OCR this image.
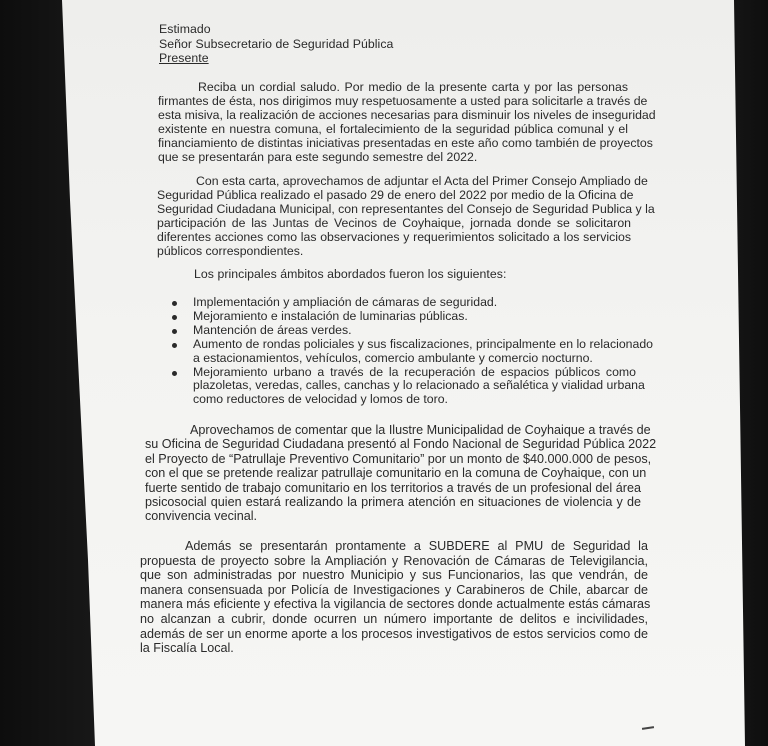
Estimado
Señor Subsecretario de Seguridad Pública
Presente
Reciba un cordial saludo. Por medio de la presente carta y por las personas
firmantes de ésta, nos dirigimos muy respetuosamente a usted para solicitarle a través de
esta misiva, la realización de acciones necesarias para disminuir los niveles de inseguridad
existente en nuestra comuna, el fortalecimiento de la seguridad pública comunal y el
financiamiento de distintas iniciativas presentadas en este año como también de proyectos
que se presentarán para este segundo semestre del 2022.
Con esta carta, aprovechamos de adjuntar el Acta del Primer Consejo Ampliado de
Seguridad Pública realizado el pasado 29 de enero del 2022 por medio de la Oficina de
Seguridad Ciudadana Municipal, con representantes del Consejo de Seguridad Publica y la
participación de las Juntas de Vecinos de Coyhaique, jornada donde se solicitaron
diferentes acciones como las observaciones y requerimientos solicitado a los servicios
públicos correspondientes.
Los principales ámbitos abordados fueron los siguientes:
Implementación y ampliación de cámaras de seguridad.
Mejoramiento e instalación de luminarias públicas.
Mantención de áreas verdes.
Aumento de rondas policiales y sus fiscalizaciones, principalmente en lo relacionado
a estacionamientos, vehículos, comercio ambulante y comercio nocturno.
Mejoramiento urbano a través de la recuperación de espacios públicos como
plazoletas, veredas, calles, canchas y lo relacionado a señalética y vialidad urbana
como reductores de velocidad y lomos de toro.
Aprovechamos de comentar que la Ilustre Municipalidad de Coyhaique a través de
su Oficina de Seguridad Ciudadana presentó al Fondo Nacional de Seguridad Pública 2022
el Proyecto de “Patrullaje Preventivo Comunitario” por un monto de $40.000.000 de pesos,
con el que se pretende realizar patrullaje comunitario en la comuna de Coyhaique, con un
fuerte sentido de trabajo comunitario en los territorios a través de un profesional del área
psicosocial quien estará realizando la primera atención en situaciones de violencia y de
convivencia vecinal.
Además se presentarán prontamente a SUBDERE al PMU de Seguridad la
propuesta de proyecto sobre la Ampliación y Renovación de Cámaras de Televigilancia,
que son administradas por nuestro Municipio y sus Funcionarios, las que vendrán, de
manera consensuada por Policía de Investigaciones y Carabineros de Chile, abarcar de
manera más eficiente y efectiva la vigilancia de sectores donde actualmente estás cámaras
no alcanzan a cubrir, donde ocurren un número importante de delitos e incivilidades,
además de ser un enorme aporte a los procesos investigativos de estos servicios como de
la Fiscalía Local.
